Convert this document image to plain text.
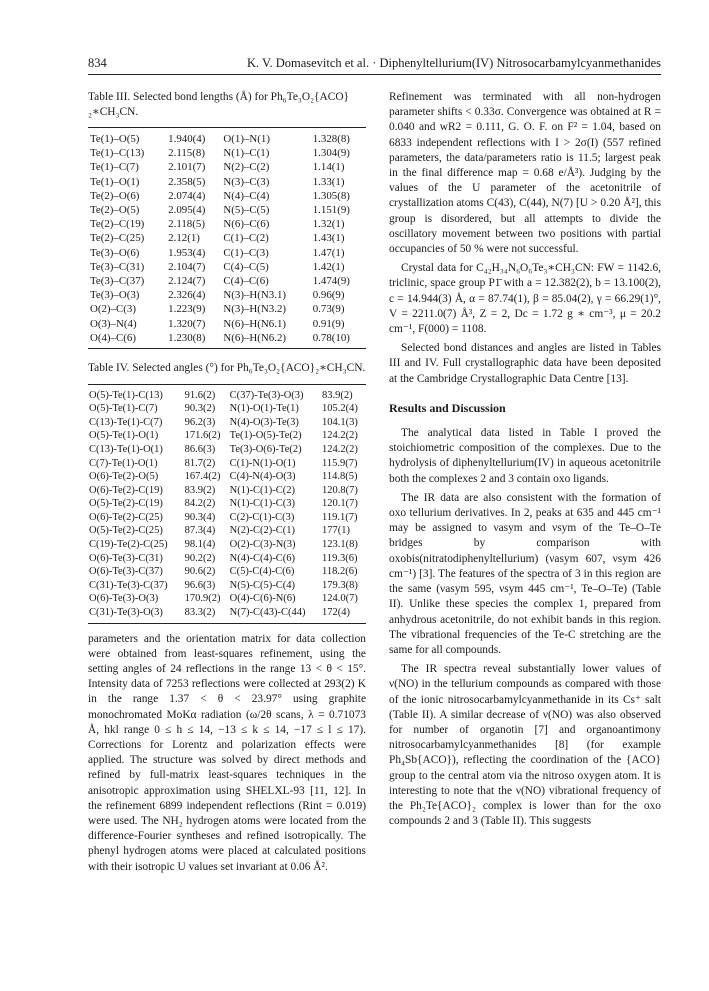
834	K. V. Domasevitch et al. · Diphenyltellurium(IV) Nitrosocarbamylcyanmethanides
Table III. Selected bond lengths (Å) for Ph₆Te₃O₂{ACO}₂∗CH₃CN.
Te(1)–O(5)	1.940(4)	O(1)–N(1)	1.328(8)
Te(1)–C(13)	2.115(8)	N(1)–C(1)	1.304(9)
Te(1)–C(7)	2.101(7)	N(2)–C(2)	1.14(1)
Te(1)–O(1)	2.358(5)	N(3)–C(3)	1.33(1)
Te(2)–O(6)	2.074(4)	N(4)–C(4)	1.305(8)
Te(2)–O(5)	2.095(4)	N(5)–C(5)	1.151(9)
Te(2)–C(19)	2.118(5)	N(6)–C(6)	1.32(1)
Te(2)–C(25)	2.12(1)	C(1)–C(2)	1.43(1)
Te(3)–O(6)	1.953(4)	C(1)–C(3)	1.47(1)
Te(3)–C(31)	2.104(7)	C(4)–C(5)	1.42(1)
Te(3)–C(37)	2.124(7)	C(4)–C(6)	1.474(9)
Te(3)–O(3)	2.326(4)	N(3)–H(N3.1)	0.96(9)
O(2)–C(3)	1.223(9)	N(3)–H(N3.2)	0.73(9)
O(3)–N(4)	1.320(7)	N(6)–H(N6.1)	0.91(9)
O(4)–C(6)	1.230(8)	N(6)–H(N6.2)	0.78(10)
Table IV. Selected angles (°) for Ph₆Te₃O₂{ACO}₂∗CH₃CN.
O(5)-Te(1)-C(13)	91.6(2)	C(37)-Te(3)-O(3)	83.9(2)
O(5)-Te(1)-C(7)	90.3(2)	N(1)-O(1)-Te(1)	105.2(4)
C(13)-Te(1)-C(7)	96.2(3)	N(4)-O(3)-Te(3)	104.1(3)
O(5)-Te(1)-O(1)	171.6(2)	Te(1)-O(5)-Te(2)	124.2(2)
C(13)-Te(1)-O(1)	86.6(3)	Te(3)-O(6)-Te(2)	124.2(2)
C(7)-Te(1)-O(1)	81.7(2)	C(1)-N(1)-O(1)	115.9(7)
O(6)-Te(2)-O(5)	167.4(2)	C(4)-N(4)-O(3)	114.8(5)
O(6)-Te(2)-C(19)	83.9(2)	N(1)-C(1)-C(2)	120.8(7)
O(5)-Te(2)-C(19)	84.2(2)	N(1)-C(1)-C(3)	120.1(7)
O(6)-Te(2)-C(25)	90.3(4)	C(2)-C(1)-C(3)	119.1(7)
O(5)-Te(2)-C(25)	87.3(4)	N(2)-C(2)-C(1)	177(1)
C(19)-Te(2)-C(25)	98.1(4)	O(2)-C(3)-N(3)	123.1(8)
O(6)-Te(3)-C(31)	90.2(2)	N(4)-C(4)-C(6)	119.3(6)
O(6)-Te(3)-C(37)	90.6(2)	C(5)-C(4)-C(6)	118.2(6)
C(31)-Te(3)-C(37)	96.6(3)	N(5)-C(5)-C(4)	179.3(8)
O(6)-Te(3)-O(3)	170.9(2)	O(4)-C(6)-N(6)	124.0(7)
C(31)-Te(3)-O(3)	83.3(2)	N(7)-C(43)-C(44)	172(4)

parameters and the orientation matrix for data collection were obtained from least-squares refinement, using the setting angles of 24 reflections in the range 13 < θ < 15°. Intensity data of 7253 reflections were collected at 293(2) K in the range 1.37 < θ < 23.97° using graphite monochromated MoKα radiation (ω/2θ scans, λ = 0.71073 Å, hkl range 0 ≤ h ≤ 14, −13 ≤ k ≤ 14, −17 ≤ l ≤ 17). Corrections for Lorentz and polarization effects were applied. The structure was solved by direct methods and refined by full-matrix least-squares techniques in the anisotropic approximation using SHELXL-93 [11, 12]. In the refinement 6899 independent reflections (Rint = 0.019) were used. The NH₂ hydrogen atoms were located from the difference-Fourier syntheses and refined isotropically. The phenyl hydrogen atoms were placed at calculated positions with their isotropic U values set invariant at 0.06 Å².

Refinement was terminated with all non-hydrogen parameter shifts < 0.33σ. Convergence was obtained at R = 0.040 and wR2 = 0.111, G. O. F. on F² = 1.04, based on 6833 independent reflections with I > 2σ(I) (557 refined parameters, the data/parameters ratio is 11.5; largest peak in the final difference map = 0.68 e/Å³). Judging by the values of the U parameter of the acetonitrile of crystallization atoms C(43), C(44), N(7) [U > 0.20 Å²], this group is disordered, but all attempts to divide the oscillatory movement between two positions with partial occupancies of 50 % were not successful.

Crystal data for C₄₂H₃₄N₆O₆Te₃∗CH₃CN: FW = 1142.6, triclinic, space group P1̄ with a = 12.382(2), b = 13.100(2), c = 14.944(3) Å, α = 87.74(1), β = 85.04(2), γ = 66.29(1)°, V = 2211.0(7) Å³, Z = 2, Dc = 1.72 g ∗ cm⁻³, μ = 20.2 cm⁻¹, F(000) = 1108.

Selected bond distances and angles are listed in Tables III and IV. Full crystallographic data have been deposited at the Cambridge Crystallographic Data Centre [13].

Results and Discussion

The analytical data listed in Table I proved the stoichiometric composition of the complexes. Due to the hydrolysis of diphenyltellurium(IV) in aqueous acetonitrile both the complexes 2 and 3 contain oxo ligands.

The IR data are also consistent with the formation of oxo tellurium derivatives. In 2, peaks at 635 and 445 cm⁻¹ may be assigned to νasym and νsym of the Te–O–Te bridges by comparison with oxobis(nitratodiphenyltellurium) (νasym 607, νsym 426 cm⁻¹) [3]. The features of the spectra of 3 in this region are the same (νasym 595, νsym 445 cm⁻¹, Te–O–Te) (Table II). Unlike these species the complex 1, prepared from anhydrous acetonitrile, do not exhibit bands in this region. The vibrational frequencies of the Te-C stretching are the same for all compounds.

The IR spectra reveal substantially lower values of ν(NO) in the tellurium compounds as compared with those of the ionic nitrosocarbamylcyanmethanide in its Cs⁺ salt (Table II). A similar decrease of ν(NO) was also observed for number of organotin [7] and organoantimony nitrosocarbamylcyanmethanides [8] (for example Ph₄Sb{ACO}), reflecting the coordination of the {ACO} group to the central atom via the nitroso oxygen atom. It is interesting to note that the ν(NO) vibrational frequency of the Ph₂Te{ACO}₂ complex is lower than for the oxo compounds 2 and 3 (Table II). This suggests
